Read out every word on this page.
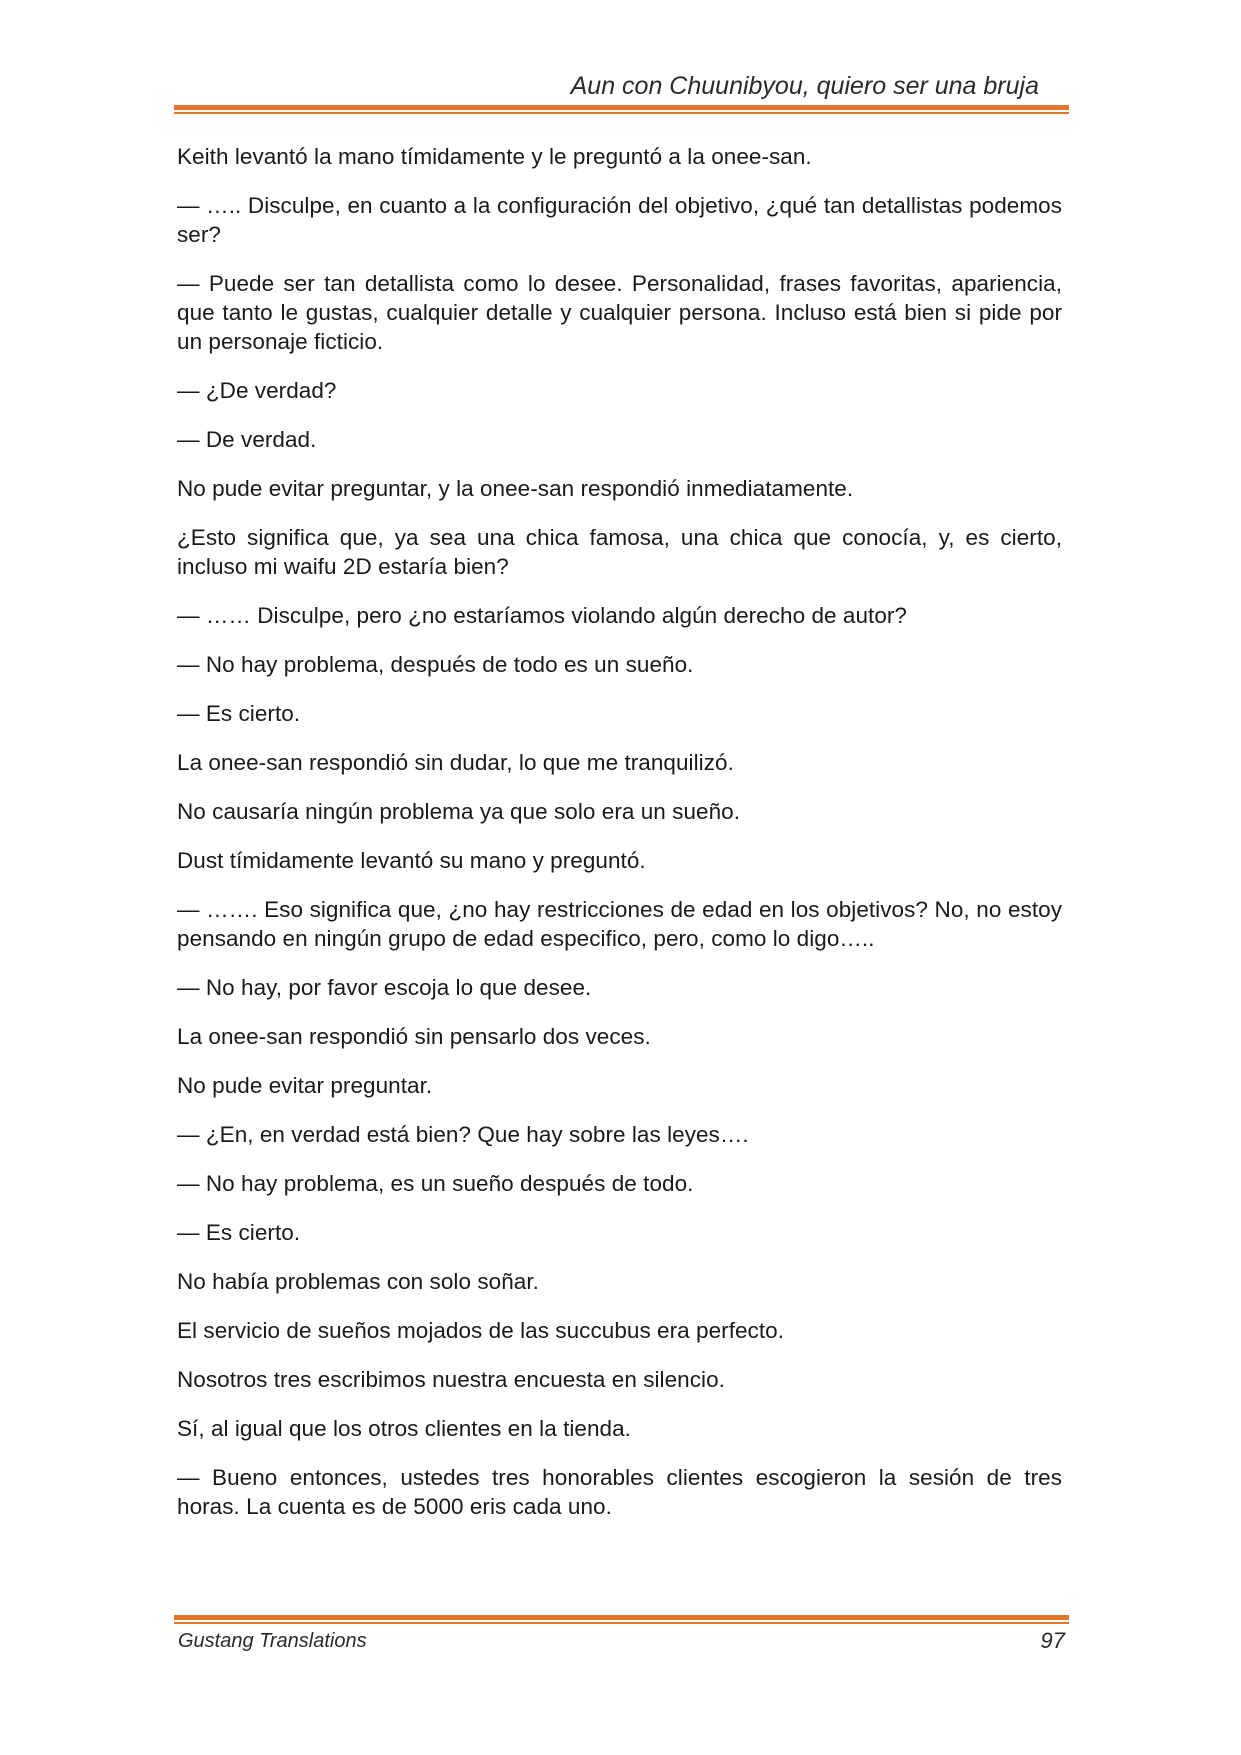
Aun con Chuunibyou, quiero ser una bruja

Keith levantó la mano tímidamente y le preguntó a la onee-san.

— ….. Disculpe, en cuanto a la configuración del objetivo, ¿qué tan detallistas podemos ser?

— Puede ser tan detallista como lo desee. Personalidad, frases favoritas, apariencia, que tanto le gustas, cualquier detalle y cualquier persona. Incluso está bien si pide por un personaje ficticio.

— ¿De verdad?

— De verdad.

No pude evitar preguntar, y la onee-san respondió inmediatamente.

¿Esto significa que, ya sea una chica famosa, una chica que conocía, y, es cierto, incluso mi waifu 2D estaría bien?

— …… Disculpe, pero ¿no estaríamos violando algún derecho de autor?

— No hay problema, después de todo es un sueño.

— Es cierto.

La onee-san respondió sin dudar, lo que me tranquilizó.

No causaría ningún problema ya que solo era un sueño.

Dust tímidamente levantó su mano y preguntó.

— ……. Eso significa que, ¿no hay restricciones de edad en los objetivos? No, no estoy pensando en ningún grupo de edad especifico, pero, como lo digo…..

— No hay, por favor escoja lo que desee.

La onee-san respondió sin pensarlo dos veces.

No pude evitar preguntar.

— ¿En, en verdad está bien? Que hay sobre las leyes….

— No hay problema, es un sueño después de todo.

— Es cierto.

No había problemas con solo soñar.

El servicio de sueños mojados de las succubus era perfecto.

Nosotros tres escribimos nuestra encuesta en silencio.

Sí, al igual que los otros clientes en la tienda.

— Bueno entonces, ustedes tres honorables clientes escogieron la sesión de tres horas. La cuenta es de 5000 eris cada uno.

Gustang Translations	97
